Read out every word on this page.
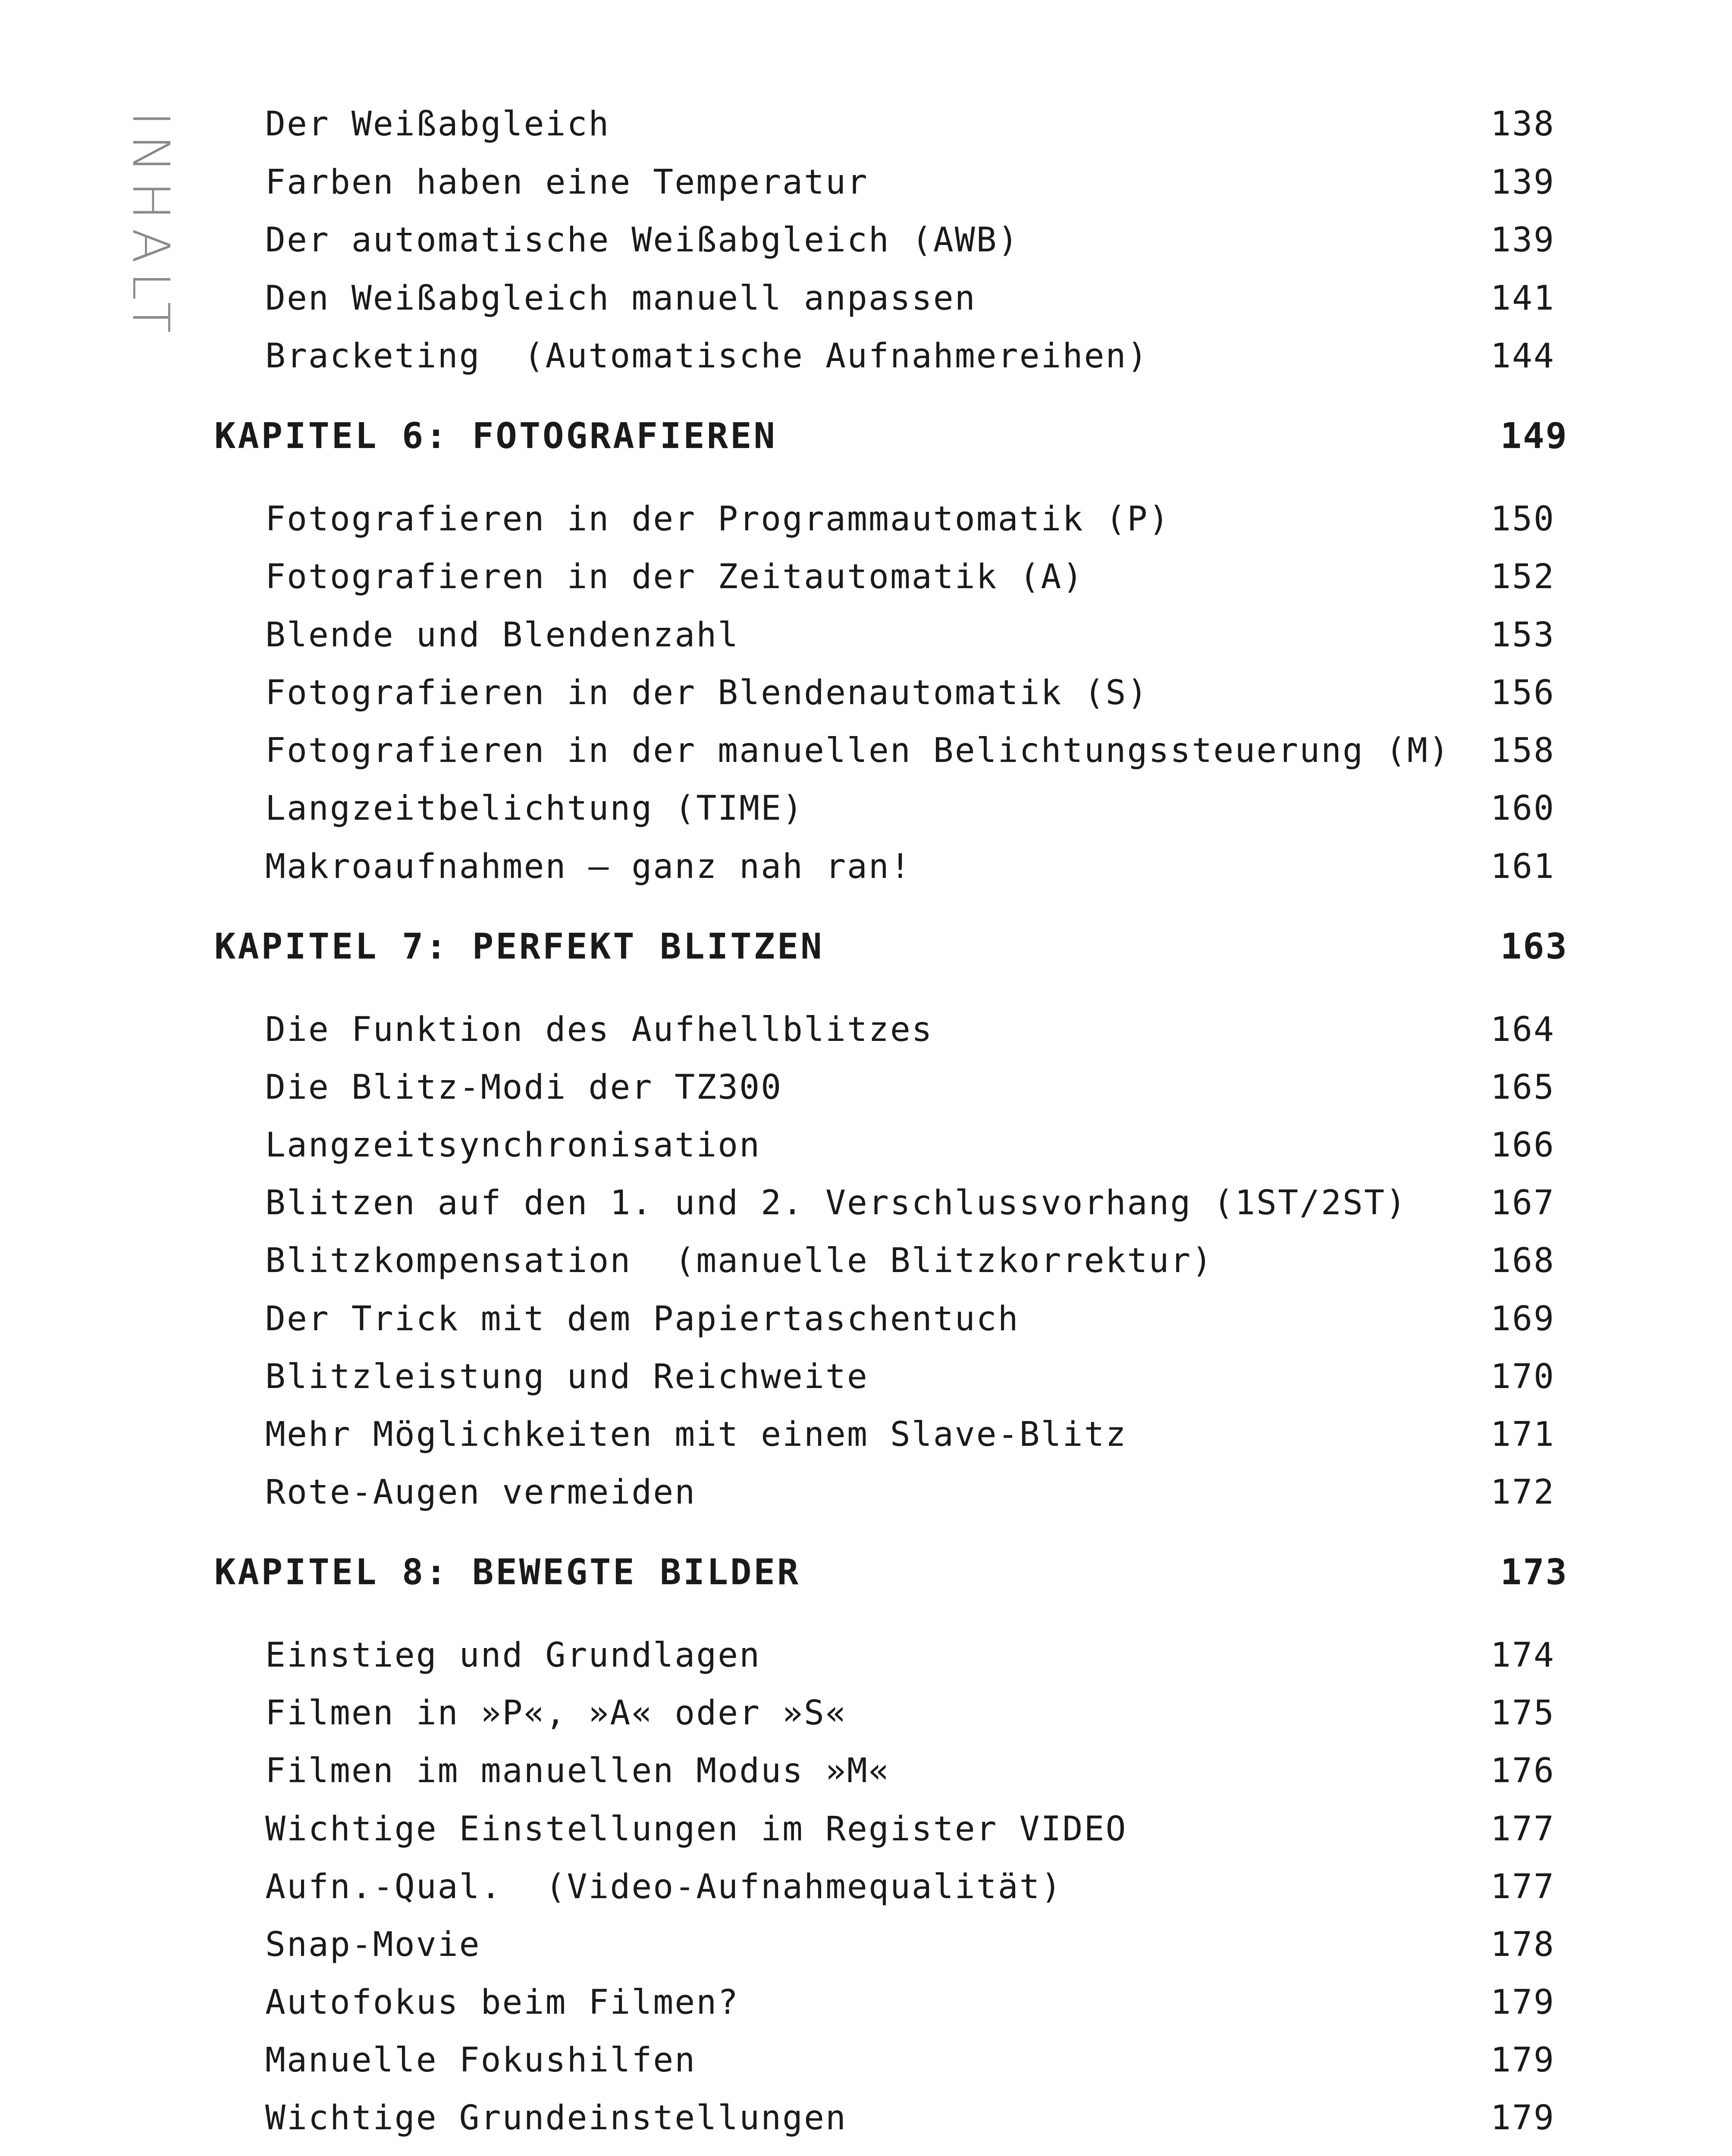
INHALT	Der Weißabgleich	138
Farben haben eine Temperatur	139
Der automatische Weißabgleich (AWB)	139
Den Weißabgleich manuell anpassen	141
Bracketing  (Automatische Aufnahmereihen)	144
KAPITEL 6: FOTOGRAFIEREN	149
Fotografieren in der Programmautomatik (P)	150
Fotografieren in der Zeitautomatik (A)	152
Blende und Blendenzahl	153
Fotografieren in der Blendenautomatik (S)	156
Fotografieren in der manuellen Belichtungssteuerung (M) 158
Langzeitbelichtung (TIME)	160
Makroaufnahmen – ganz nah ran!	161
KAPITEL 7: PERFEKT BLITZEN	163
Die Funktion des Aufhellblitzes	164
Die Blitz-Modi der TZ300	165
Langzeitsynchronisation	166
Blitzen auf den 1. und 2. Verschlussvorhang (1ST/2ST) 167
Blitzkompensation  (manuelle Blitzkorrektur)	168
Der Trick mit dem Papiertaschentuch	169
Blitzleistung und Reichweite	170
Mehr Möglichkeiten mit einem Slave-Blitz	171
Rote-Augen vermeiden	172
KAPITEL 8: BEWEGTE BILDER	173
Einstieg und Grundlagen	174
Filmen in »P«, »A« oder »S«	175
Filmen im manuellen Modus »M«	176
Wichtige Einstellungen im Register VIDEO	177
Aufn.-Qual.  (Video-Aufnahmequalität)	177
Snap-Movie	178
Autofokus beim Filmen?	179
Manuelle Fokushilfen	179
Wichtige Grundeinstellungen	179
